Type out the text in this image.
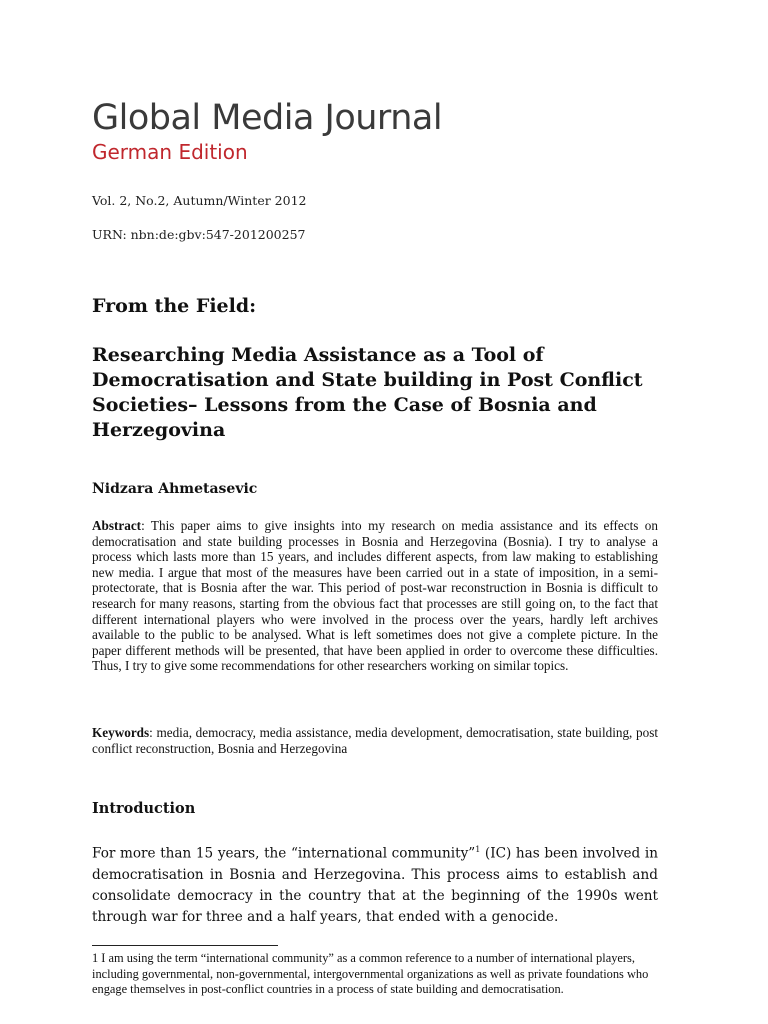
Global Media Journal
German Edition
Vol. 2, No.2, Autumn/Winter 2012
URN: nbn:de:gbv:547-201200257
From the Field:
Researching Media Assistance as a Tool of Democratisation and State building in Post Conflict Societies– Lessons from the Case of Bosnia and Herzegovina
Nidzara Ahmetasevic
Abstract: This paper aims to give insights into my research on media assistance and its effects on democratisation and state building processes in Bosnia and Herzegovina (Bosnia). I try to analyse a process which lasts more than 15 years, and includes different aspects, from law making to establishing new media. I argue that most of the measures have been carried out in a state of imposition, in a semi-protectorate, that is Bosnia after the war. This period of post-war reconstruction in Bosnia is difficult to research for many reasons, starting from the obvious fact that processes are still going on, to the fact that different international players who were involved in the process over the years, hardly left archives available to the public to be analysed. What is left sometimes does not give a complete picture. In the paper different methods will be presented, that have been applied in order to overcome these difficulties. Thus, I try to give some recommendations for other researchers working on similar topics.
Keywords: media, democracy, media assistance, media development, democratisation, state building, post conflict reconstruction, Bosnia and Herzegovina
Introduction
For more than 15 years, the “international community”$^1$ (IC) has been involved in democratisation in Bosnia and Herzegovina. This process aims to establish and consolidate democracy in the country that at the beginning of the 1990s went through war for three and a half years, that ended with a genocide.
1 I am using the term “international community” as a common reference to a number of international players, including governmental, non-governmental, intergovernmental organizations as well as private foundations who engage themselves in post-conflict countries in a process of state building and democratisation.
